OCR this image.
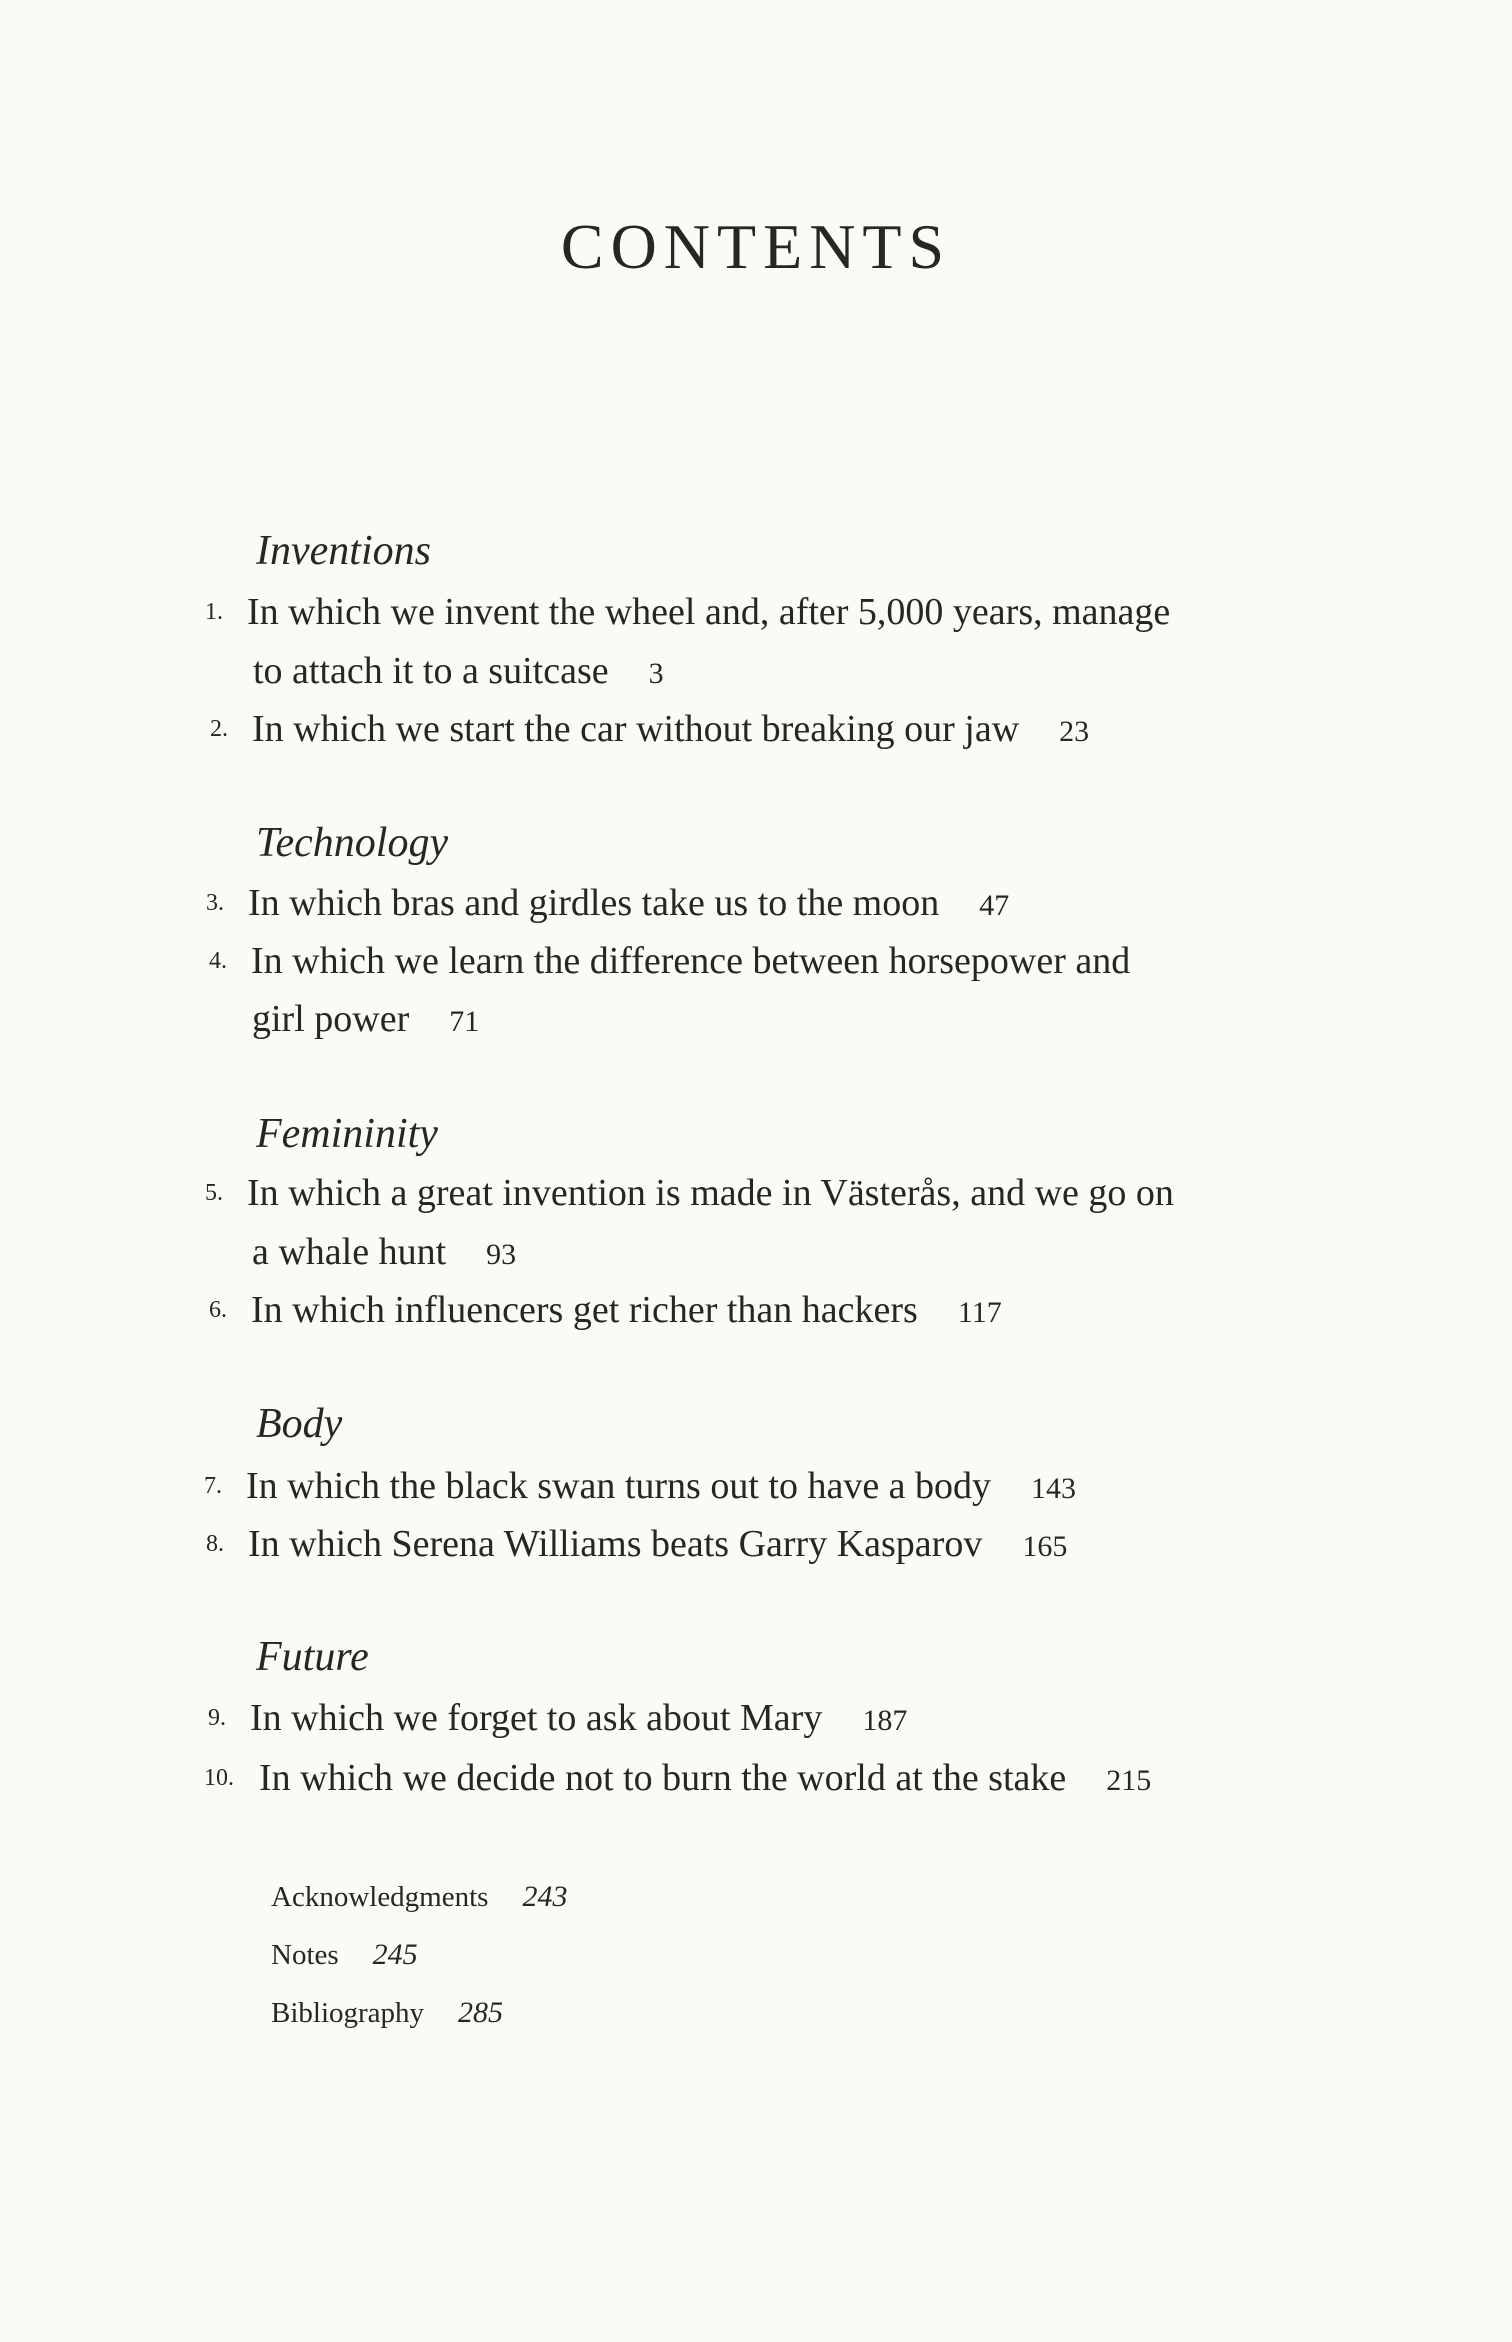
CONTENTS
Inventions
1. In which we invent the wheel and, after 5,000 years, manage
to attach it to a suitcase 3
2. In which we start the car without breaking our jaw 23
Technology
3. In which bras and girdles take us to the moon 47
4. In which we learn the difference between horsepower and
girl power 71
Femininity
5. In which a great invention is made in Västerås, and we go on
a whale hunt 93
6. In which influencers get richer than hackers 117
Body
7. In which the black swan turns out to have a body 143
8. In which Serena Williams beats Garry Kasparov 165
Future
9. In which we forget to ask about Mary 187
10. In which we decide not to burn the world at the stake 215
Acknowledgments 243
Notes 245
Bibliography 285
